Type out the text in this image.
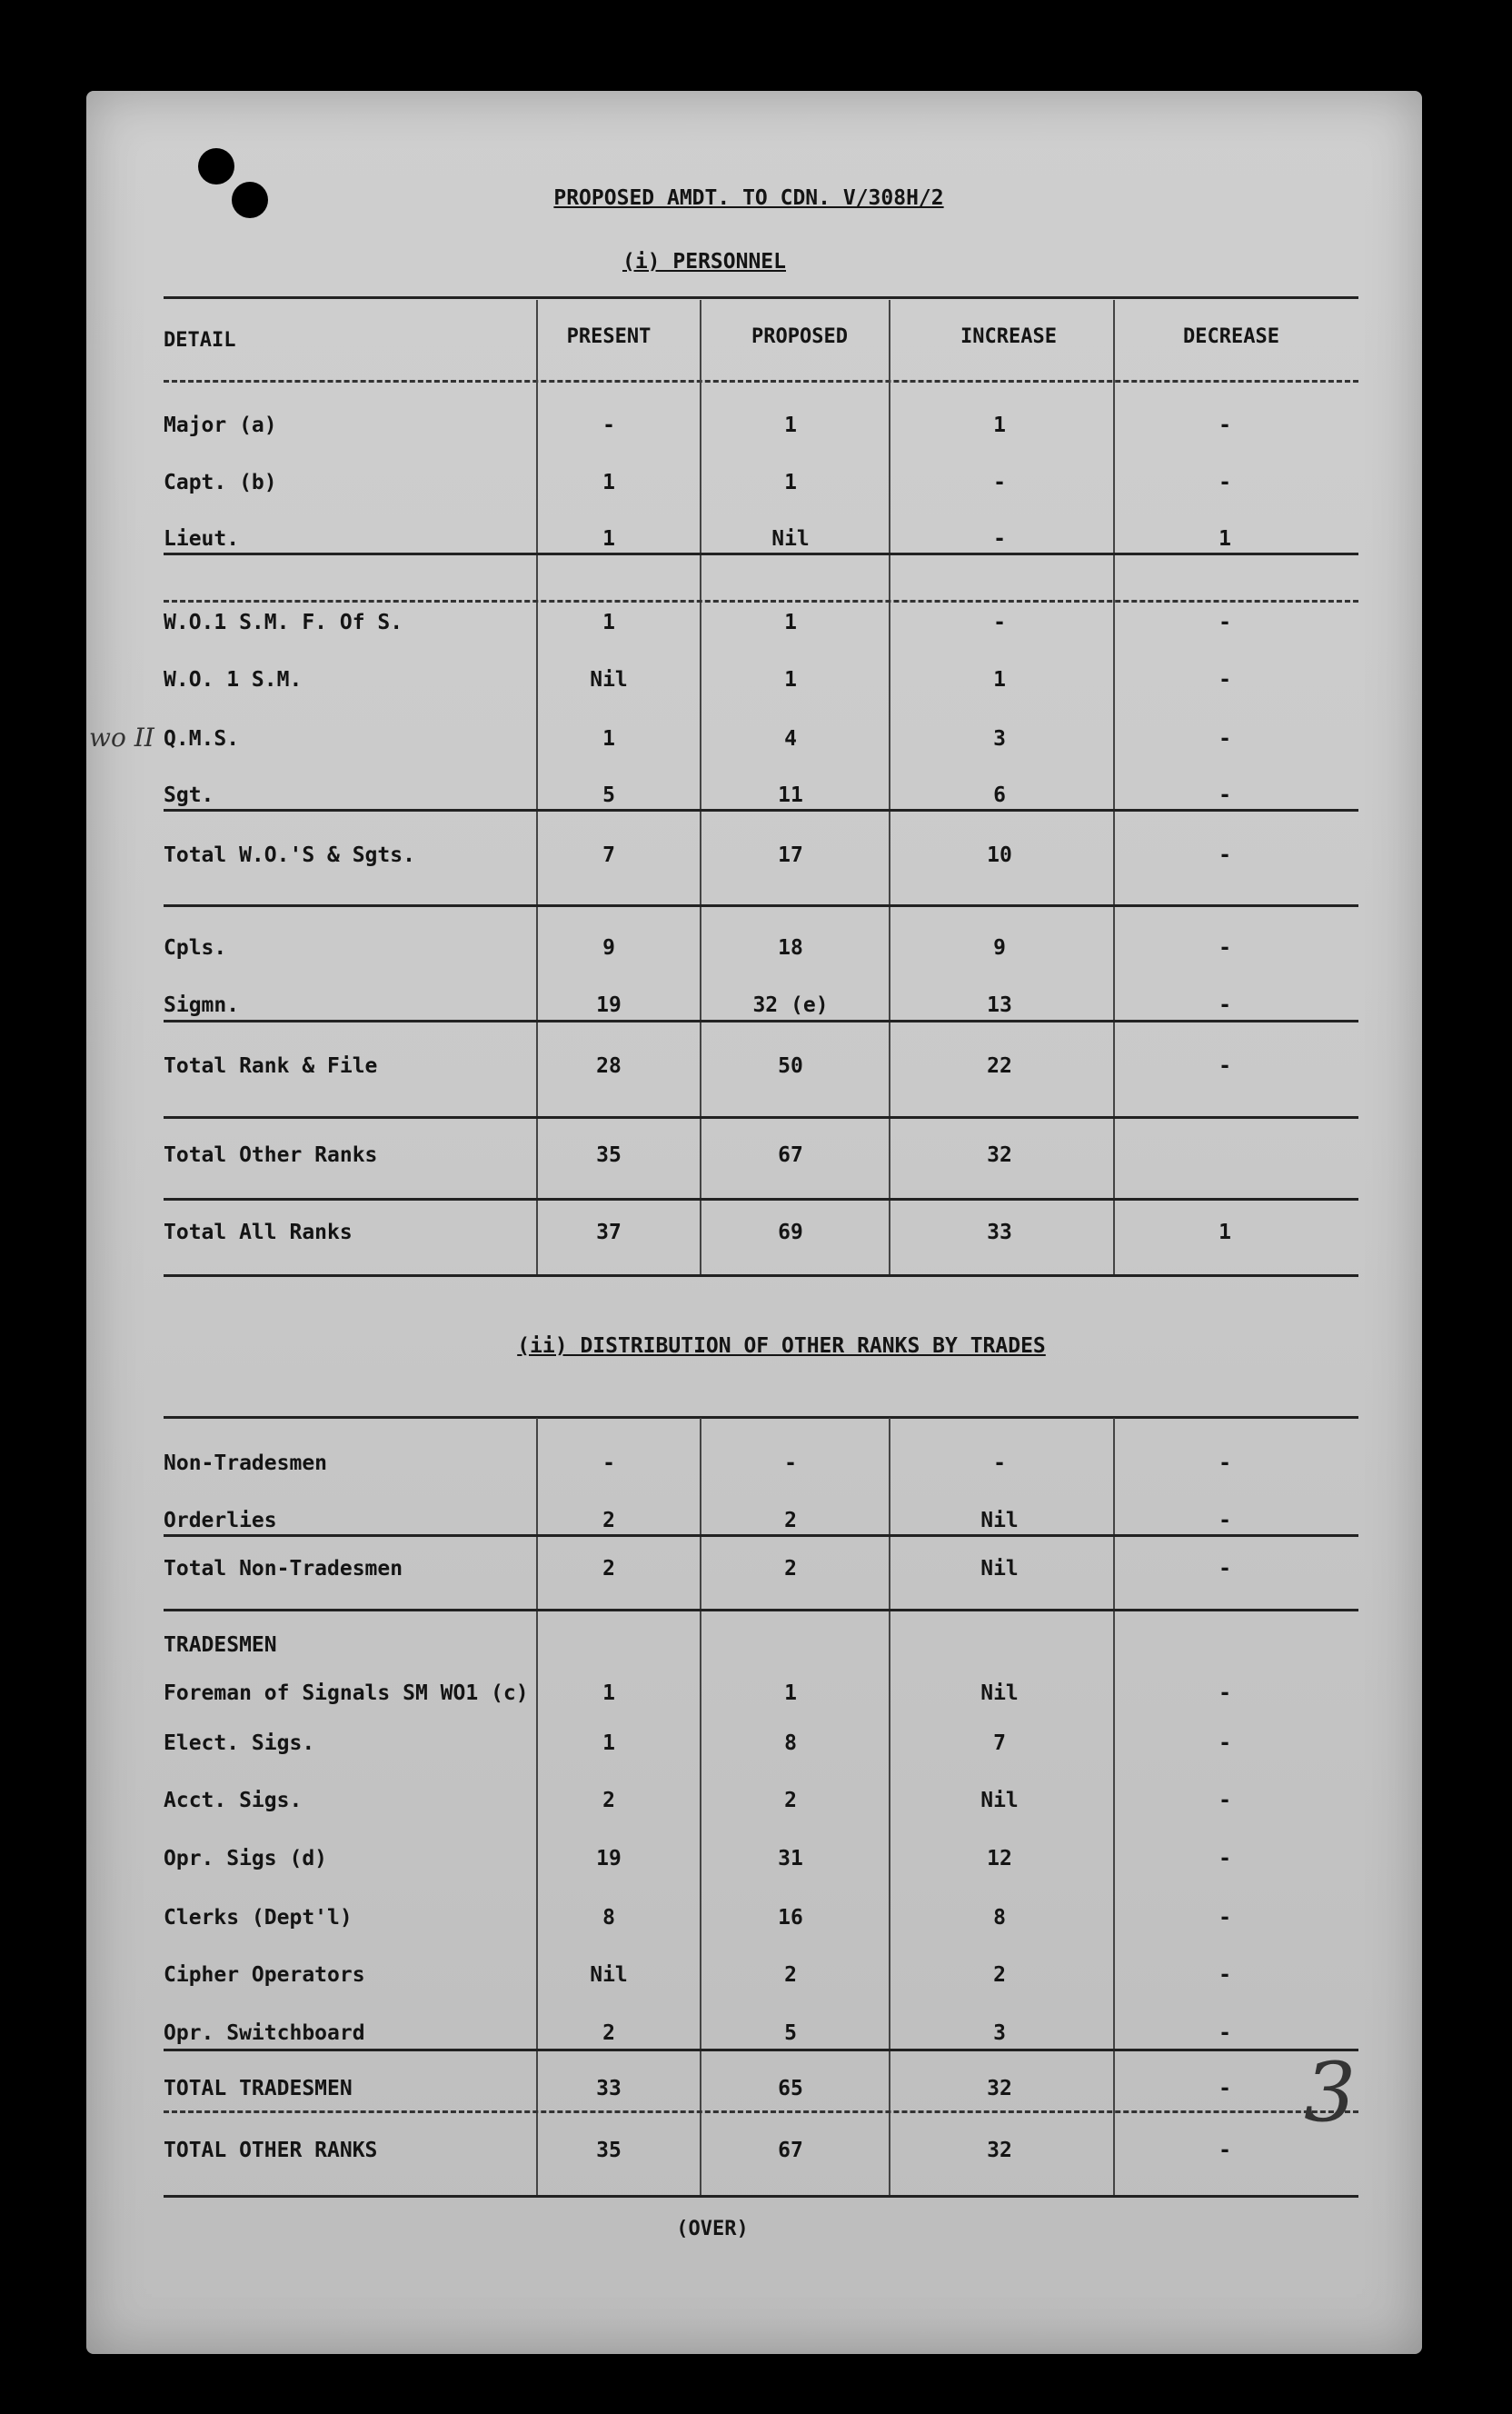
PROPOSED AMDT. TO CDN. V/308H/2
(i) PERSONNEL
DETAIL	PRESENT	PROPOSED	INCREASE	DECREASE
Major (a)	-	1	1	-
Capt. (b)	1	1	-	-
Lieut.	1	Nil	-	1
W.O.1 S.M. F. Of S.	1	1	-	-
W.O. 1 S.M.	Nil	1	1	-
Q.M.S.	1	4	3	-
Sgt.	5	11	6	-
Total W.O.'S & Sgts.	7	17	10	-
Cpls.	9	18	9	-
Sigmn.	19	32 (e)	13	-
Total Rank & File	28	50	22	-
Total Other Ranks	35	67	32
Total All Ranks	37	69	33	1
(ii) DISTRIBUTION OF OTHER RANKS BY TRADES
Non-Tradesmen	-	-	-	-
Orderlies	2	2	Nil	-
Total Non-Tradesmen	2	2	Nil	-
TRADESMEN
Foreman of Signals SM WO1 (c)	1	1	Nil	-
Elect. Sigs.	1	8	7	-
Acct. Sigs.	2	2	Nil	-
Opr. Sigs (d)	19	31	12	-
Clerks (Dept'l)	8	16	8	-
Cipher Operators	Nil	2	2	-
Opr. Switchboard	2	5	3	-
TOTAL TRADESMEN	33	65	32	-
TOTAL OTHER RANKS	35	67	32	-
wo II
3
(OVER)
